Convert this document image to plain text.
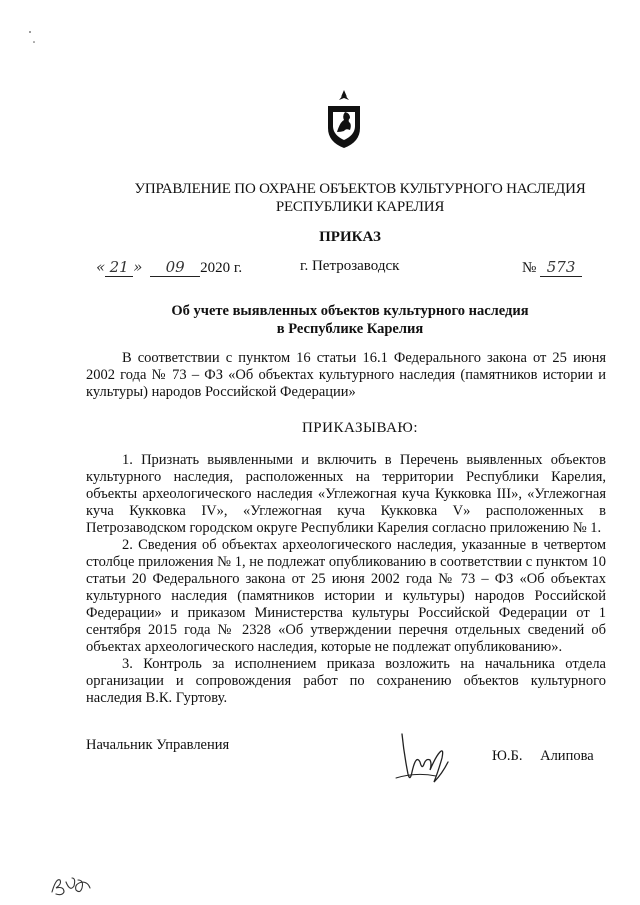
УПРАВЛЕНИЕ ПО ОХРАНЕ ОБЪЕКТОВ КУЛЬТУРНОГО НАСЛЕДИЯ
РЕСПУБЛИКИ КАРЕЛИЯ
ПРИКАЗ
« 21 » 09 2020 г.	г. Петрозаводск	№ 573
Об учете выявленных объектов культурного наследия
в Республике Карелия

В соответствии с пунктом 16 статьи 16.1 Федерального закона от 25 июня 2002 года № 73 – ФЗ «Об объектах культурного наследия (памятников истории и культуры) народов Российской Федерации»

ПРИКАЗЫВАЮ:

1. Признать выявленными и включить в Перечень выявленных объектов культурного наследия, расположенных на территории Республики Карелия, объекты археологического наследия «Углежогная куча Кукковка III», «Углежогная куча Кукковка IV», «Углежогная куча Кукковка V» расположенных в Петрозаводском городском округе Республики Карелия согласно приложению № 1.

2. Сведения об объектах археологического наследия, указанные в четвертом столбце приложения № 1, не подлежат опубликованию в соответствии с пунктом 10 статьи 20 Федерального закона от 25 июня 2002 года № 73 – ФЗ «Об объектах культурного наследия (памятников истории и культуры) народов Российской Федерации» и приказом Министерства культуры Российской Федерации от 1 сентября 2015 года № 2328 «Об утверждении перечня отдельных сведений об объектах археологического наследия, которые не подлежат опубликованию».

3. Контроль за исполнением приказа возложить на начальника отдела организации и сопровождения работ по сохранению объектов культурного наследия В.К. Гуртову.

Начальник Управления
Ю.Б. Алипова
